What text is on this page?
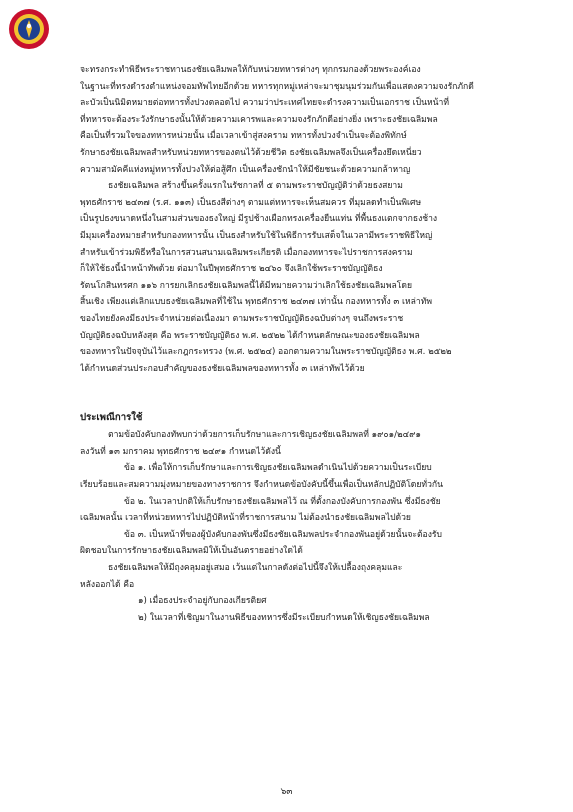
จะทรงกระทำพิธีพระราชทานธงชัยเฉลิมพลให้กับหน่วยทหารต่างๆ ทุกกรมกองด้วยพระองค์เอง
ในฐานะที่ทรงดำรงตำแหน่งจอมทัพไทยอีกด้วย ทหารทุกหมู่เหล่าจะมาชุมนุมร่วมกันเพื่อแสดงความจงรักภักดี
ละบัวเป็นนิมิตหมายต่อทหารทั้งปวงตลอดไป ความว่าประเทศไทยจะดำรงความเป็นเอกราช เป็นหน้าที่
ที่ทหารจะต้องระวังรักษาธงนั้นให้ด้วยความเคารพและความจงรักภักดีอย่างยิ่ง เพราะธงชัยเฉลิมพล
คือเป็นที่รวมใจของทหารหน่วยนั้น เมื่อเวลาเข้าสู่สงคราม ทหารทั้งปวงจำเป็นจะต้องพิทักษ์
รักษาธงชัยเฉลิมพลสำหรับหน่วยทหารของตนไว้ด้วยชีวิต ธงชัยเฉลิมพลจึงเป็นเครื่องยึดเหนี่ยว
ความสามัคคีแห่งหมู่ทหารทั้งปวงให้ต่อสู้ศึก เป็นเครื่องชักนำให้มีชัยชนะด้วยความกล้าหาญ
ธงชัยเฉลิมพล สร้างขึ้นครั้งแรกในรัชกาลที่ ๕ ตามพระราชบัญญัติว่าด้วยธงสยาม
พุทธศักราช ๒๔๓๗ (ร.ศ. ๑๑๓) เป็นธงสีต่างๆ ตามแต่ทหารจะเห็นสมควร ที่มุมลดทำเป็นพิเศษ
เป็นรูปธงขนาดหนึ่งในสามส่วนของธงใหญ่ มีรูปช้างเผือกทรงเครื่องยืนแท่น ที่พื้นธงแตกจากธงช้าง
มีมุมเครื่องหมายสำหรับกองทหารนั้น เป็นธงสำหรับใช้ในพิธีการรับเสด็จในเวลามีพระราชพิธีใหญ่
สำหรับเข้าร่วมพิธีหรือในการสวนสนามเฉลิมพระเกียรติ เมื่อกองทหารจะไปราชการสงคราม
ก็ให้ใช้ธงนี้นำหน้าทัพด้วย ต่อมาในปีพุทธศักราช ๒๔๖๐ จึงเลิกใช้พระราชบัญญัติธง
รัตนโกสินทรศก ๑๑๖ การยกเลิกธงชัยเฉลิมพลนี้ได้มีหมายความว่าเลิกใช้ธงชัยเฉลิมพลโดย
สิ้นเชิง เพียงแต่เลิกแบบธงชัยเฉลิมพลที่ใช้ใน พุทธศักราช ๒๔๓๗ เท่านั้น กองทหารทั้ง ๓ เหล่าทัพ
ของไทยยังคงมีธงประจำหน่วยต่อเนื่องมา ตามพระราชบัญญัติธงฉบับต่างๆ จนถึงพระราช
บัญญัติธงฉบับหลังสุด คือ พระราชบัญญัติธง พ.ศ. ๒๕๒๒ ได้กำหนดลักษณะของธงชัยเฉลิมพล
ของทหารในปัจจุบันไว้และกฎกระทรวง (พ.ศ. ๒๕๒๔) ออกตามความในพระราชบัญญัติธง พ.ศ. ๒๕๒๒
ได้กำหนดส่วนประกอบสำคัญของธงชัยเฉลิมพลของทหารทั้ง ๓ เหล่าทัพไว้ด้วย
ประเพณีการใช้
ตามข้อบังคับกองทัพบกว่าด้วยการเก็บรักษาและการเชิญธงชัยเฉลิมพลที่ ๑๙๐๑/๒๔๙๑
ลงวันที่ ๑๓ มกราคม พุทธศักราช ๒๔๙๑ กำหนดไว้ดังนี้
ข้อ ๑. เพื่อให้การเก็บรักษาและการเชิญธงชัยเฉลิมพลดำเนินไปด้วยความเป็นระเบียบ
เรียบร้อยและสมความมุ่งหมายของทางราชการ จึงกำหนดข้อบังคับนี้ขึ้นเพื่อเป็นหลักปฏิบัติโดยทั่วกัน
ข้อ ๒. ในเวลาปกติให้เก็บรักษาธงชัยเฉลิมพลไว้ ณ ที่ตั้งกองบังคับการกองพัน ซึ่งมีธงชัย
เฉลิมพลนั้น เวลาที่หน่วยทหารไปปฏิบัติหน้าที่ราชการสนาม ไม่ต้องนำธงชัยเฉลิมพลไปด้วย
ข้อ ๓. เป็นหน้าที่ของผู้บังคับกองพันซึ่งมีธงชัยเฉลิมพลประจำกองพันอยู่ด้วยนั้นจะต้องรับ
ผิดชอบในการรักษาธงชัยเฉลิมพลมิให้เป็นอันตรายอย่างใดได้
ธงชัยเฉลิมพลให้มีถุงคลุมอยู่เสมอ เว้นแต่ในกาลดังต่อไปนี้จึงให้เปลื้องถุงคลุมและ
หลังออกได้ คือ
๑) เมื่อธงประจำอยู่กับกองเกียรติยศ
๒) ในเวลาที่เชิญมาในงานพิธีของทหารซึ่งมีระเบียบกำหนดให้เชิญธงชัยเฉลิมพล
๖๓
